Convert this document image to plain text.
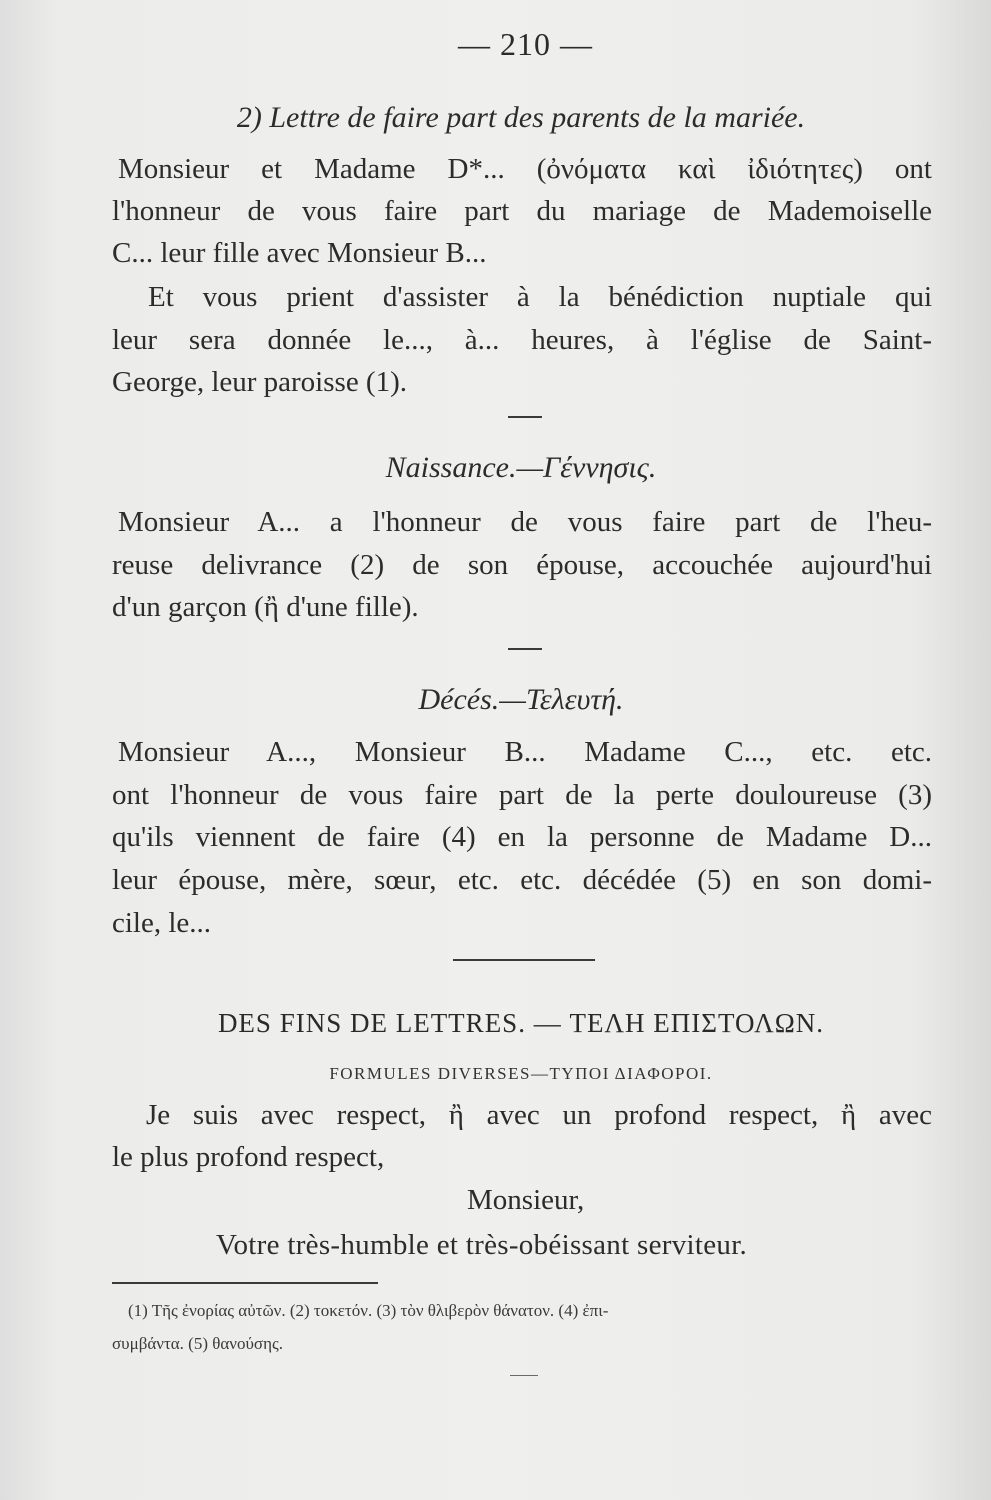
— 210 —
2) Lettre de faire part des parents de la mariée.
Monsieur et Madame D*... (ὀνόματα καὶ ἰδιότητες) ont
l'honneur de vous faire part du mariage de Mademoiselle
C... leur fille avec Monsieur B...
Et vous prient d'assister à la bénédiction nuptiale qui
leur sera donnée le..., à... heures, à l'église de Saint-
George, leur paroisse (1).
Naissance.—Γέννησις.
Monsieur A... a l'honneur de vous faire part de l'heu-
reuse delivrance (2) de son épouse, accouchée aujourd'hui
d'un garçon (ἢ d'une fille).
Décés.—Τελευτή.
Monsieur A..., Monsieur B... Madame C..., etc. etc.
ont l'honneur de vous faire part de la perte douloureuse (3)
qu'ils viennent de faire (4) en la personne de Madame D...
leur épouse, mère, sœur, etc. etc. décédée (5) en son domi-
cile, le...
DES FINS DE LETTRES. — ΤΕΛΗ ΕΠΙΣΤΟΛΩΝ.
FORMULES DIVERSES—ΤΥΠΟΙ ΔΙΑΦΟΡΟΙ.
Je suis avec respect, ἢ avec un profond respect, ἢ avec
le plus profond respect,
Monsieur,
Votre très-humble et très-obéissant serviteur.
(1) Τῆς ἐνορίας αὐτῶν. (2) τοκετόν. (3) τὸν θλιβερὸν θάνατον. (4) ἐπι-
συμβάντα. (5) θανούσης.
